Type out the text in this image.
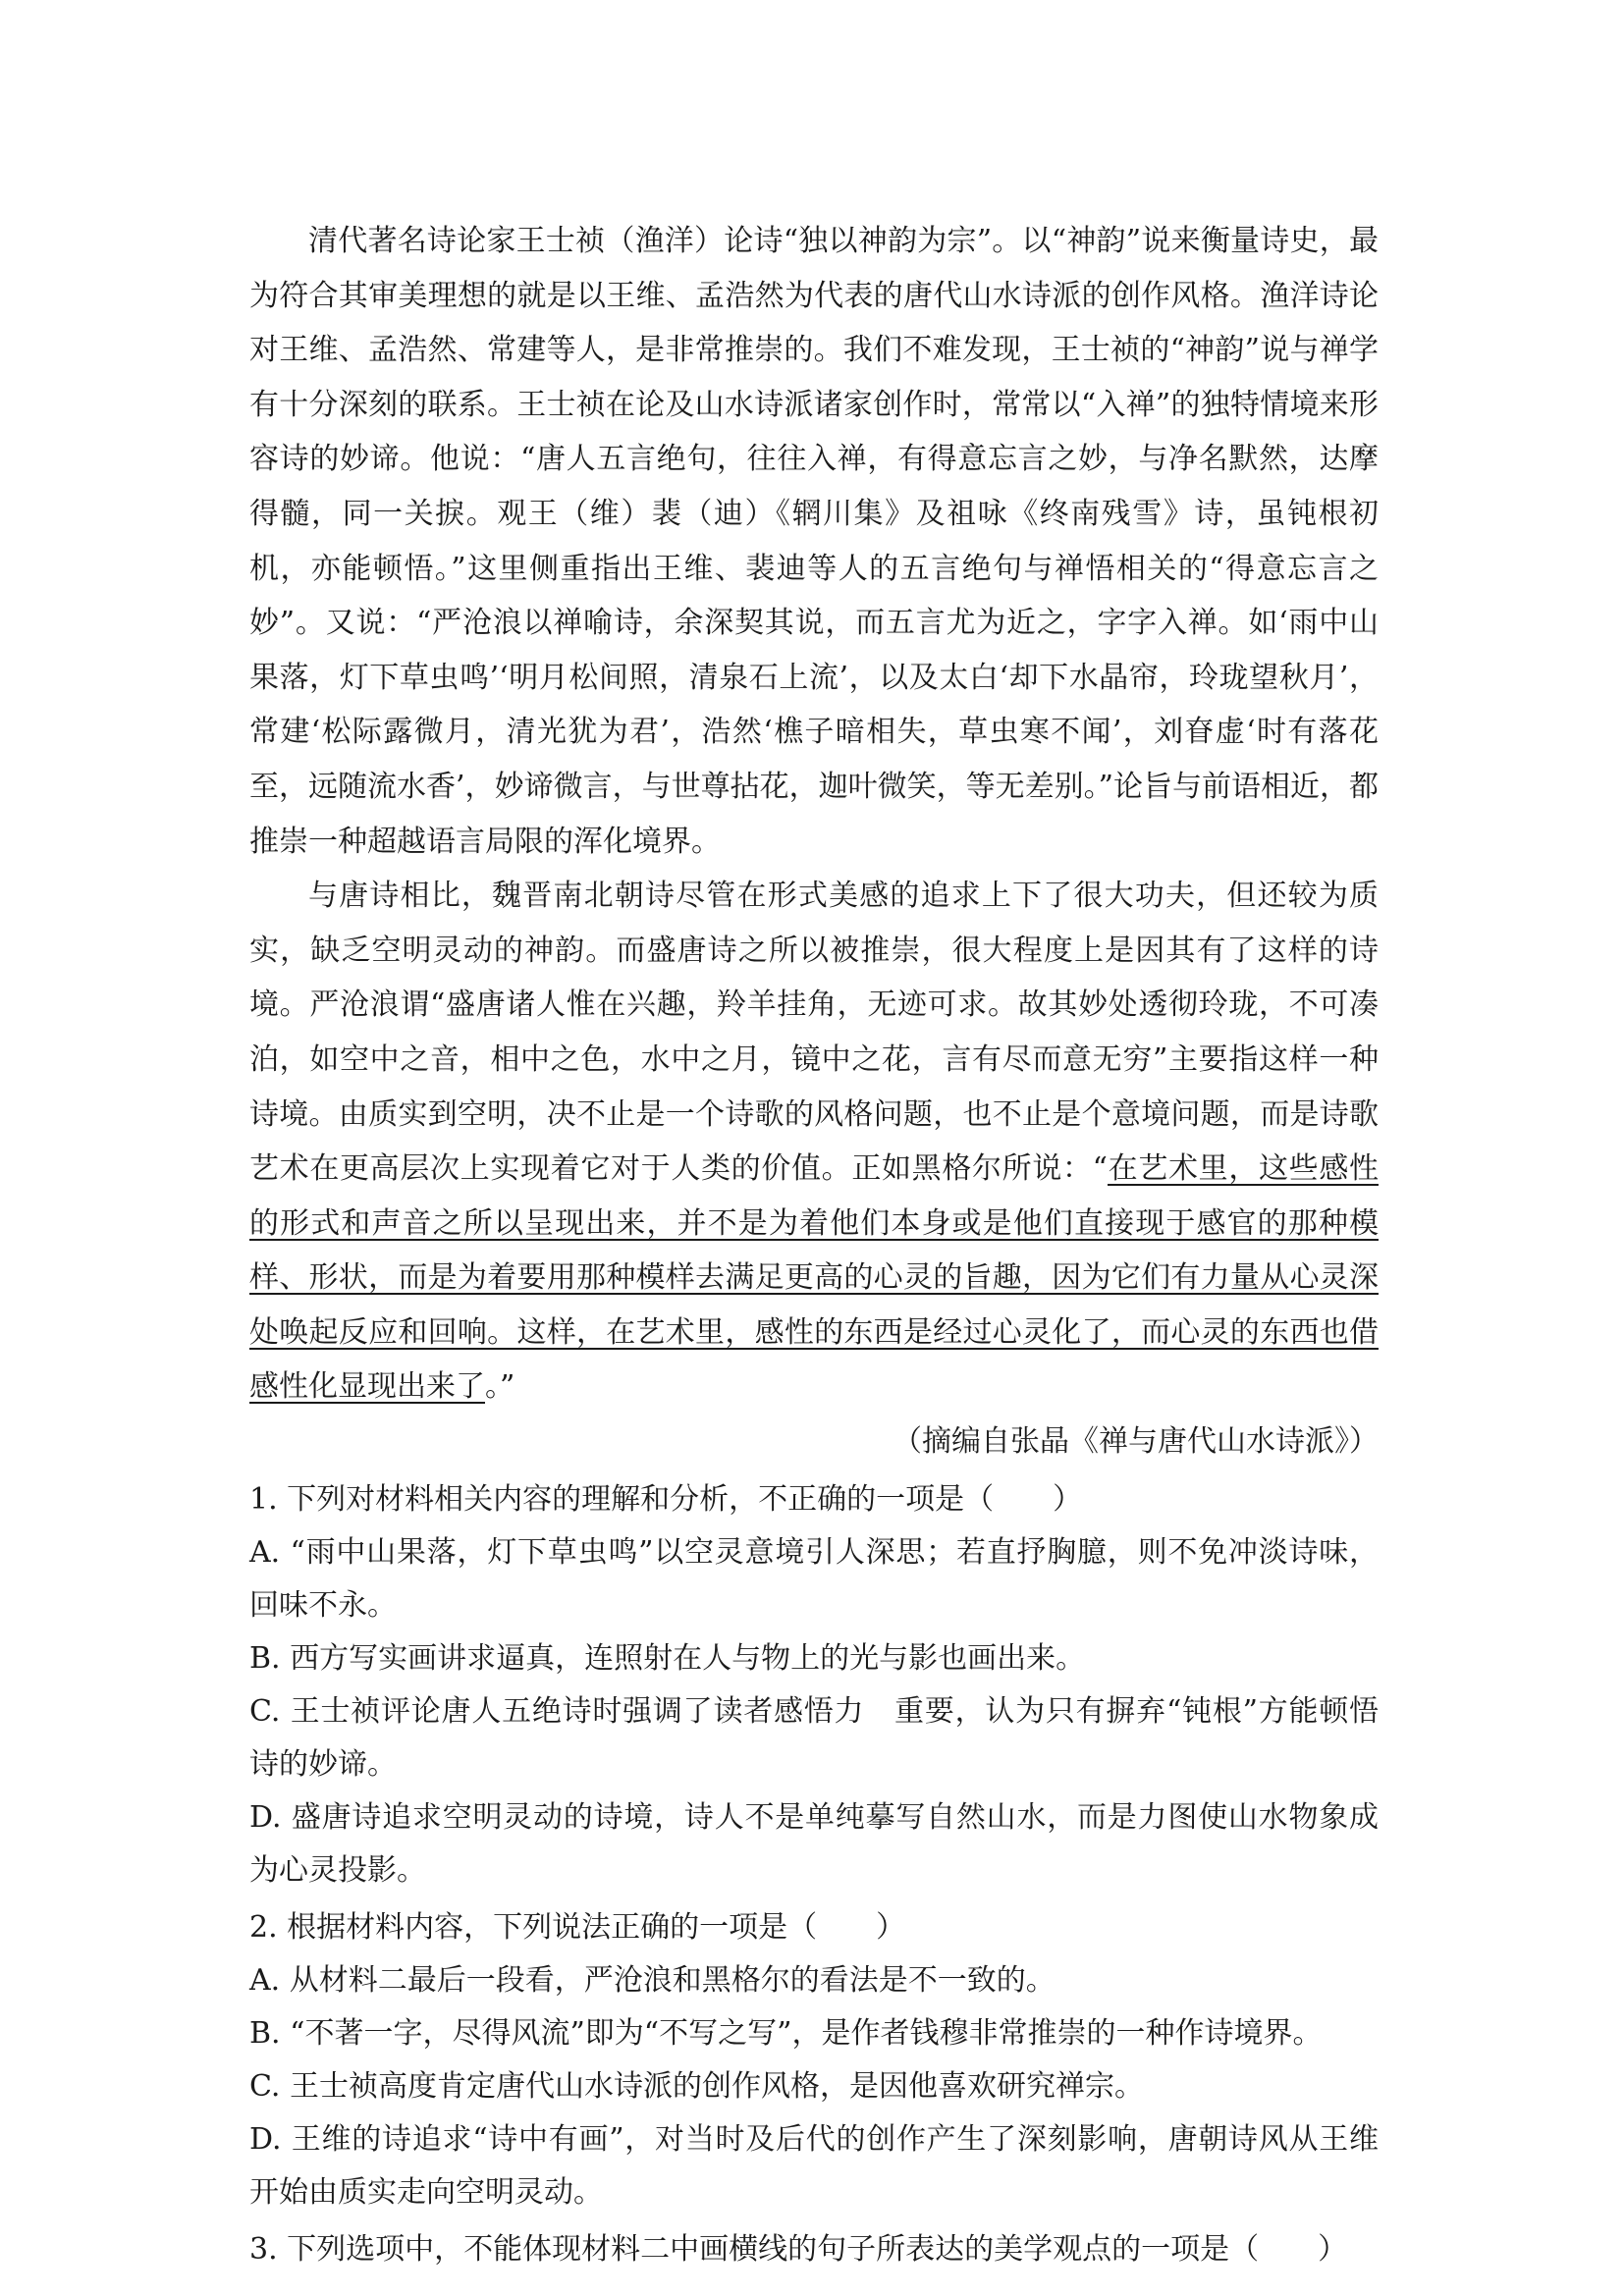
清代著名诗论家王士祯（渔洋）论诗“独以神韵为宗”。以“神韵”说来衡量诗史，最为符合其审美理想的就是以王维、孟浩然为代表的唐代山水诗派的创作风格。渔洋诗论对王维、孟浩然、常建等人，是非常推崇的。我们不难发现，王士祯的“神韵”说与禅学有十分深刻的联系。王士祯在论及山水诗派诸家创作时，常常以“入禅”的独特情境来形容诗的妙谛。他说：“唐人五言绝句，往往入禅，有得意忘言之妙，与净名默然，达摩得髓，同一关捩。观王（维）裴（迪）《辋川集》及祖咏《终南残雪》诗，虽钝根初机，亦能顿悟。”这里侧重指出王维、裴迪等人的五言绝句与禅悟相关的“得意忘言之妙”。又说：“严沧浪以禅喻诗，余深契其说，而五言尤为近之，字字入禅。如‘雨中山果落，灯下草虫鸣’‘明月松间照，清泉石上流’，以及太白‘却下水晶帘，玲珑望秋月’，常建‘松际露微月，清光犹为君’，浩然‘樵子暗相失，草虫寒不闻’，刘眘虚‘时有落花至，远随流水香’，妙谛微言，与世尊拈花，迦叶微笑，等无差别。”论旨与前语相近，都推崇一种超越语言局限的浑化境界。

与唐诗相比，魏晋南北朝诗尽管在形式美感的追求上下了很大功夫，但还较为质实，缺乏空明灵动的神韵。而盛唐诗之所以被推崇，很大程度上是因其有了这样的诗境。严沧浪谓“盛唐诸人惟在兴趣，羚羊挂角，无迹可求。故其妙处透彻玲珑，不可凑泊，如空中之音，相中之色，水中之月，镜中之花，言有尽而意无穷”主要指这样一种诗境。由质实到空明，决不止是一个诗歌的风格问题，也不止是个意境问题，而是诗歌艺术在更高层次上实现着它对于人类的价值。正如黑格尔所说：“在艺术里，这些感性的形式和声音之所以呈现出来，并不是为着他们本身或是他们直接现于感官的那种模样、形状，而是为着要用那种模样去满足更高的心灵的旨趣，因为它们有力量从心灵深处唤起反应和回响。这样，在艺术里，感性的东西是经过心灵化了，而心灵的东西也借感性化显现出来了。”

（摘编自张晶《禅与唐代山水诗派》）

1. 下列对材料相关内容的理解和分析，不正确的一项是（　　）

A. “雨中山果落，灯下草虫鸣”以空灵意境引人深思；若直抒胸臆，则不免冲淡诗味，回味不永。

B. 西方写实画讲求逼真，连照射在人与物上的光与影也画出来。

C. 王士祯评论唐人五绝诗时强调了读者感悟力　重要，认为只有摒弃“钝根”方能顿悟诗的妙谛。

D. 盛唐诗追求空明灵动的诗境，诗人不是单纯摹写自然山水，而是力图使山水物象成为心灵投影。

2. 根据材料内容，下列说法正确的一项是（　　）

A. 从材料二最后一段看，严沧浪和黑格尔的看法是不一致的。

B. “不著一字，尽得风流”即为“不写之写”，是作者钱穆非常推崇的一种作诗境界。

C. 王士祯高度肯定唐代山水诗派的创作风格，是因他喜欢研究禅宗。

D. 王维的诗追求“诗中有画”，对当时及后代的创作产生了深刻影响，唐朝诗风从王维开始由质实走向空明灵动。

3. 下列选项中，不能体现材料二中画横线的句子所表达的美学观点的一项是（　　）
